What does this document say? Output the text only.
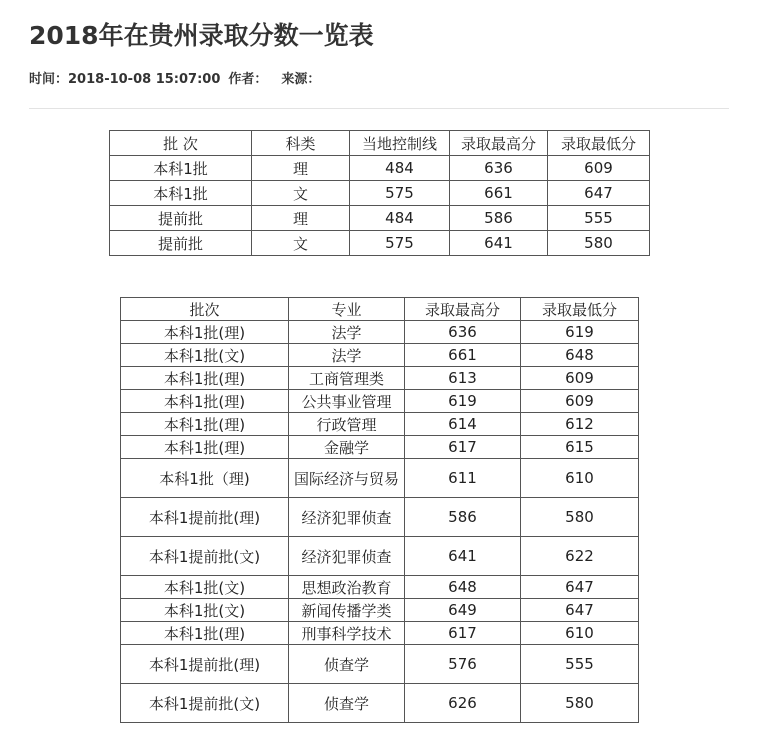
2018年在贵州录取分数一览表
时间：2018-10-08 15:07:00 作者： 来源：
批 次	科类	当地控制线	录取最高分	录取最低分
本科1批	理	484	636	609
本科1批	文	575	661	647
提前批	理	484	586	555
提前批	文	575	641	580
批次	专业	录取最高分	录取最低分
本科1批(理)	法学	636	619
本科1批(文)	法学	661	648
本科1批(理)	工商管理类	613	609
本科1批(理)	公共事业管理	619	609
本科1批(理)	行政管理	614	612
本科1批(理)	金融学	617	615
本科1批（理)	国际经济与贸易	611	610
本科1提前批(理)	经济犯罪侦查	586	580
本科1提前批(文)	经济犯罪侦查	641	622
本科1批(文)	思想政治教育	648	647
本科1批(文)	新闻传播学类	649	647
本科1批(理)	刑事科学技术	617	610
本科1提前批(理)	侦查学	576	555
本科1提前批(文)	侦查学	626	580
